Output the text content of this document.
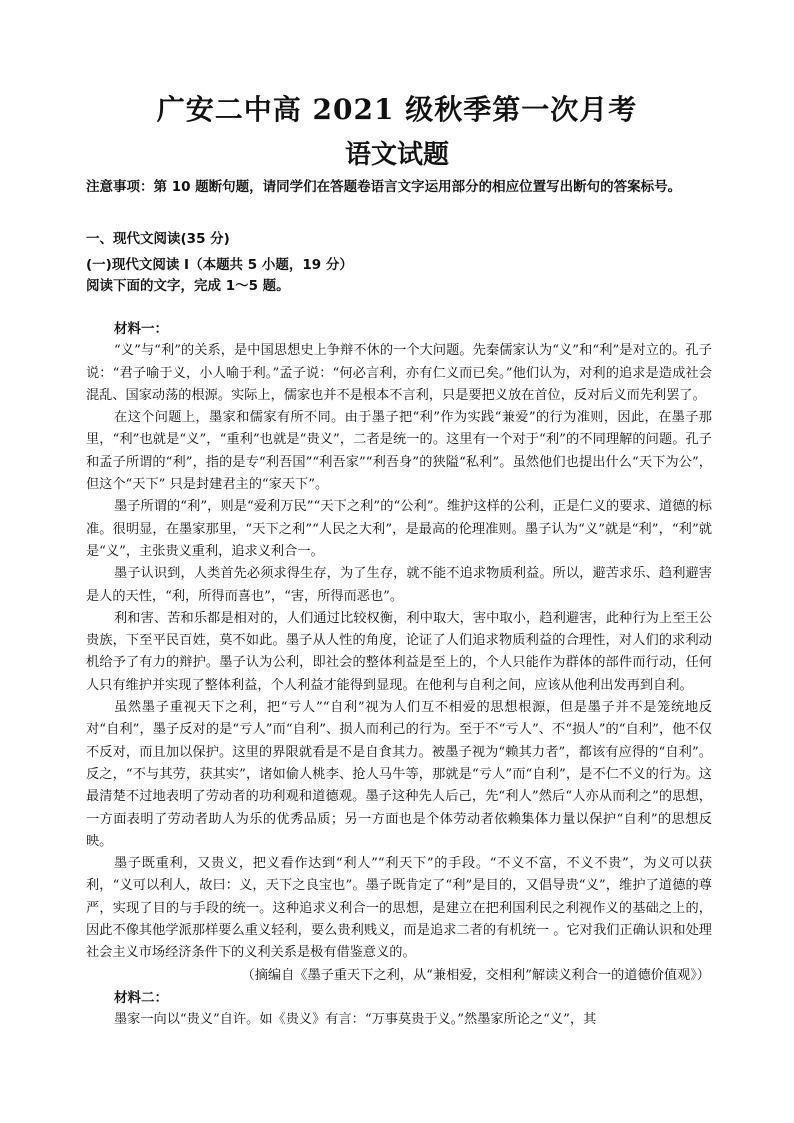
广安二中高 2021 级秋季第一次月考
语文试题
注意事项：第 10 题断句题，请同学们在答题卷语言文字运用部分的相应位置写出断句的答案标号。
一、现代文阅读(35 分)
(一)现代文阅读 I（本题共 5 小题，19 分）
阅读下面的文字，完成 1～5 题。
材料一：

“义”与“利”的关系，是中国思想史上争辩不休的一个大问题。先秦儒家认为“义”和“利”是对立的。孔子说：“君子喻于义，小人喻于利。”孟子说：“何必言利，亦有仁义而已矣。”他们认为，对利的追求是造成社会混乱、国家动荡的根源。实际上，儒家也并不是根本不言利，只是要把义放在首位，反对后义而先利罢了。

在这个问题上，墨家和儒家有所不同。由于墨子把“利”作为实践“兼爱”的行为准则，因此，在墨子那里，“利”也就是“义”，“重利”也就是“贵义”，二者是统一的。这里有一个对于“利”的不同理解的问题。孔子和孟子所谓的“利”，指的是专“利吾国”“利吾家”“利吾身”的狭隘“私利”。虽然他们也提出什么“天下为公”，但这个“天下” 只是封建君主的“家天下”。

墨子所谓的“利”，则是“爱利万民”“天下之利”的“公利”。维护这样的公利，正是仁义的要求、道德的标准。很明显，在墨家那里，“天下之利”“人民之大利”，是最高的伦理准则。墨子认为“义”就是“利”，“利”就是“义”，主张贵义重利，追求义利合一。

墨子认识到，人类首先必须求得生存，为了生存，就不能不追求物质利益。所以，避苦求乐、趋利避害是人的天性，“利，所得而喜也”，“害，所得而恶也”。

利和害、苦和乐都是相对的，人们通过比较权衡，利中取大，害中取小，趋利避害，此种行为上至王公贵族，下至平民百姓，莫不如此。墨子从人性的角度，论证了人们追求物质利益的合理性，对人们的求利动机给予了有力的辩护。墨子认为公利，即社会的整体利益是至上的，个人只能作为群体的部件而行动，任何人只有维护并实现了整体利益，个人利益才能得到显现。在他利与自利之间，应该从他利出发再到自利。

虽然墨子重视天下之利，把“亏人”“自利”视为人们互不相爱的思想根源，但是墨子并不是笼统地反对“自利”，墨子反对的是“亏人”而“自利”、损人而利己的行为。至于不“亏人”、不“损人”的“自利”，他不仅不反对，而且加以保护。这里的界限就看是不是自食其力。被墨子视为“赖其力者”，都该有应得的“自利”。反之，“不与其劳，获其实”，诸如偷人桃李、抢人马牛等，那就是“亏人”而“自利”，是不仁不义的行为。这最清楚不过地表明了劳动者的功利观和道德观。墨子这种先人后己，先“利人”然后“人亦从而利之”的思想，一方面表明了劳动者助人为乐的优秀品质；另一方面也是个体劳动者依赖集体力量以保护“自利”的思想反映。

墨子既重利，又贵义，把义看作达到“利人”“利天下”的手段。“不义不富，不义不贵”，为义可以获利，“义可以利人，故曰：义，天下之良宝也”。墨子既肯定了“利”是目的，又倡导贵“义”，维护了道德的尊严，实现了目的与手段的统一。这种追求义利合一的思想，是建立在把利国利民之利视作义的基础之上的，因此不像其他学派那样要么重义轻利，要么贵利贱义，而是追求二者的有机统一 。它对我们正确认识和处理社会主义市场经济条件下的义利关系是极有借鉴意义的。

（摘编自《墨子重天下之利，从“兼相爱，交相利”解读义利合一的道德价值观》）

材料二：

墨家一向以“贵义”自许。如《贵义》有言：“万事莫贵于义。”然墨家所论之“义”，其
